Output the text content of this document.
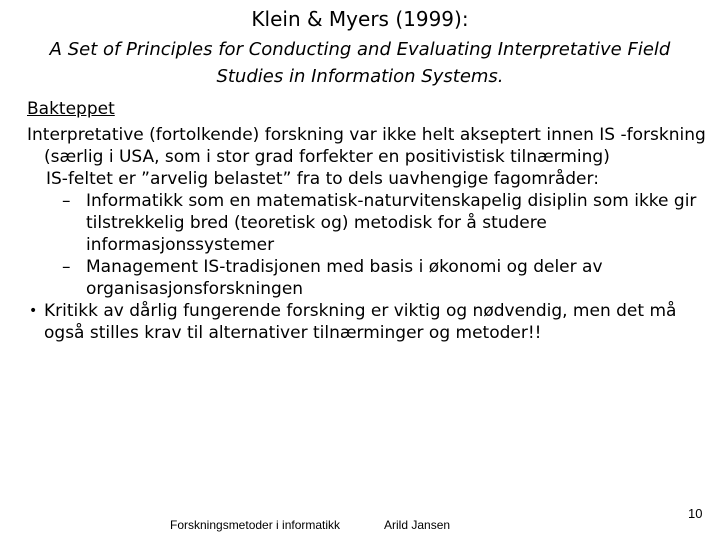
Klein & Myers (1999):
A Set of Principles for Conducting and Evaluating Interpretative Field Studies in Information Systems.
Bakteppet
Interpretative (fortolkende) forskning var ikke helt akseptert innen IS -forskning (særlig i USA, som i stor grad forfekter en positivistisk tilnærming)
IS-feltet er ”arvelig belastet” fra to dels uavhengige fagområder:
– Informatikk som en matematisk-naturvitenskapelig disiplin som ikke gir tilstrekkelig bred (teoretisk og) metodisk for å studere informasjonssystemer
– Management IS-tradisjonen med basis i økonomi og deler av organisasjonsforskningen
• Kritikk av dårlig fungerende forskning er viktig og nødvendig, men det må også stilles krav til alternativer tilnærminger og metoder!!
Forskningsmetoder i informatikk	Arild Jansen
10
